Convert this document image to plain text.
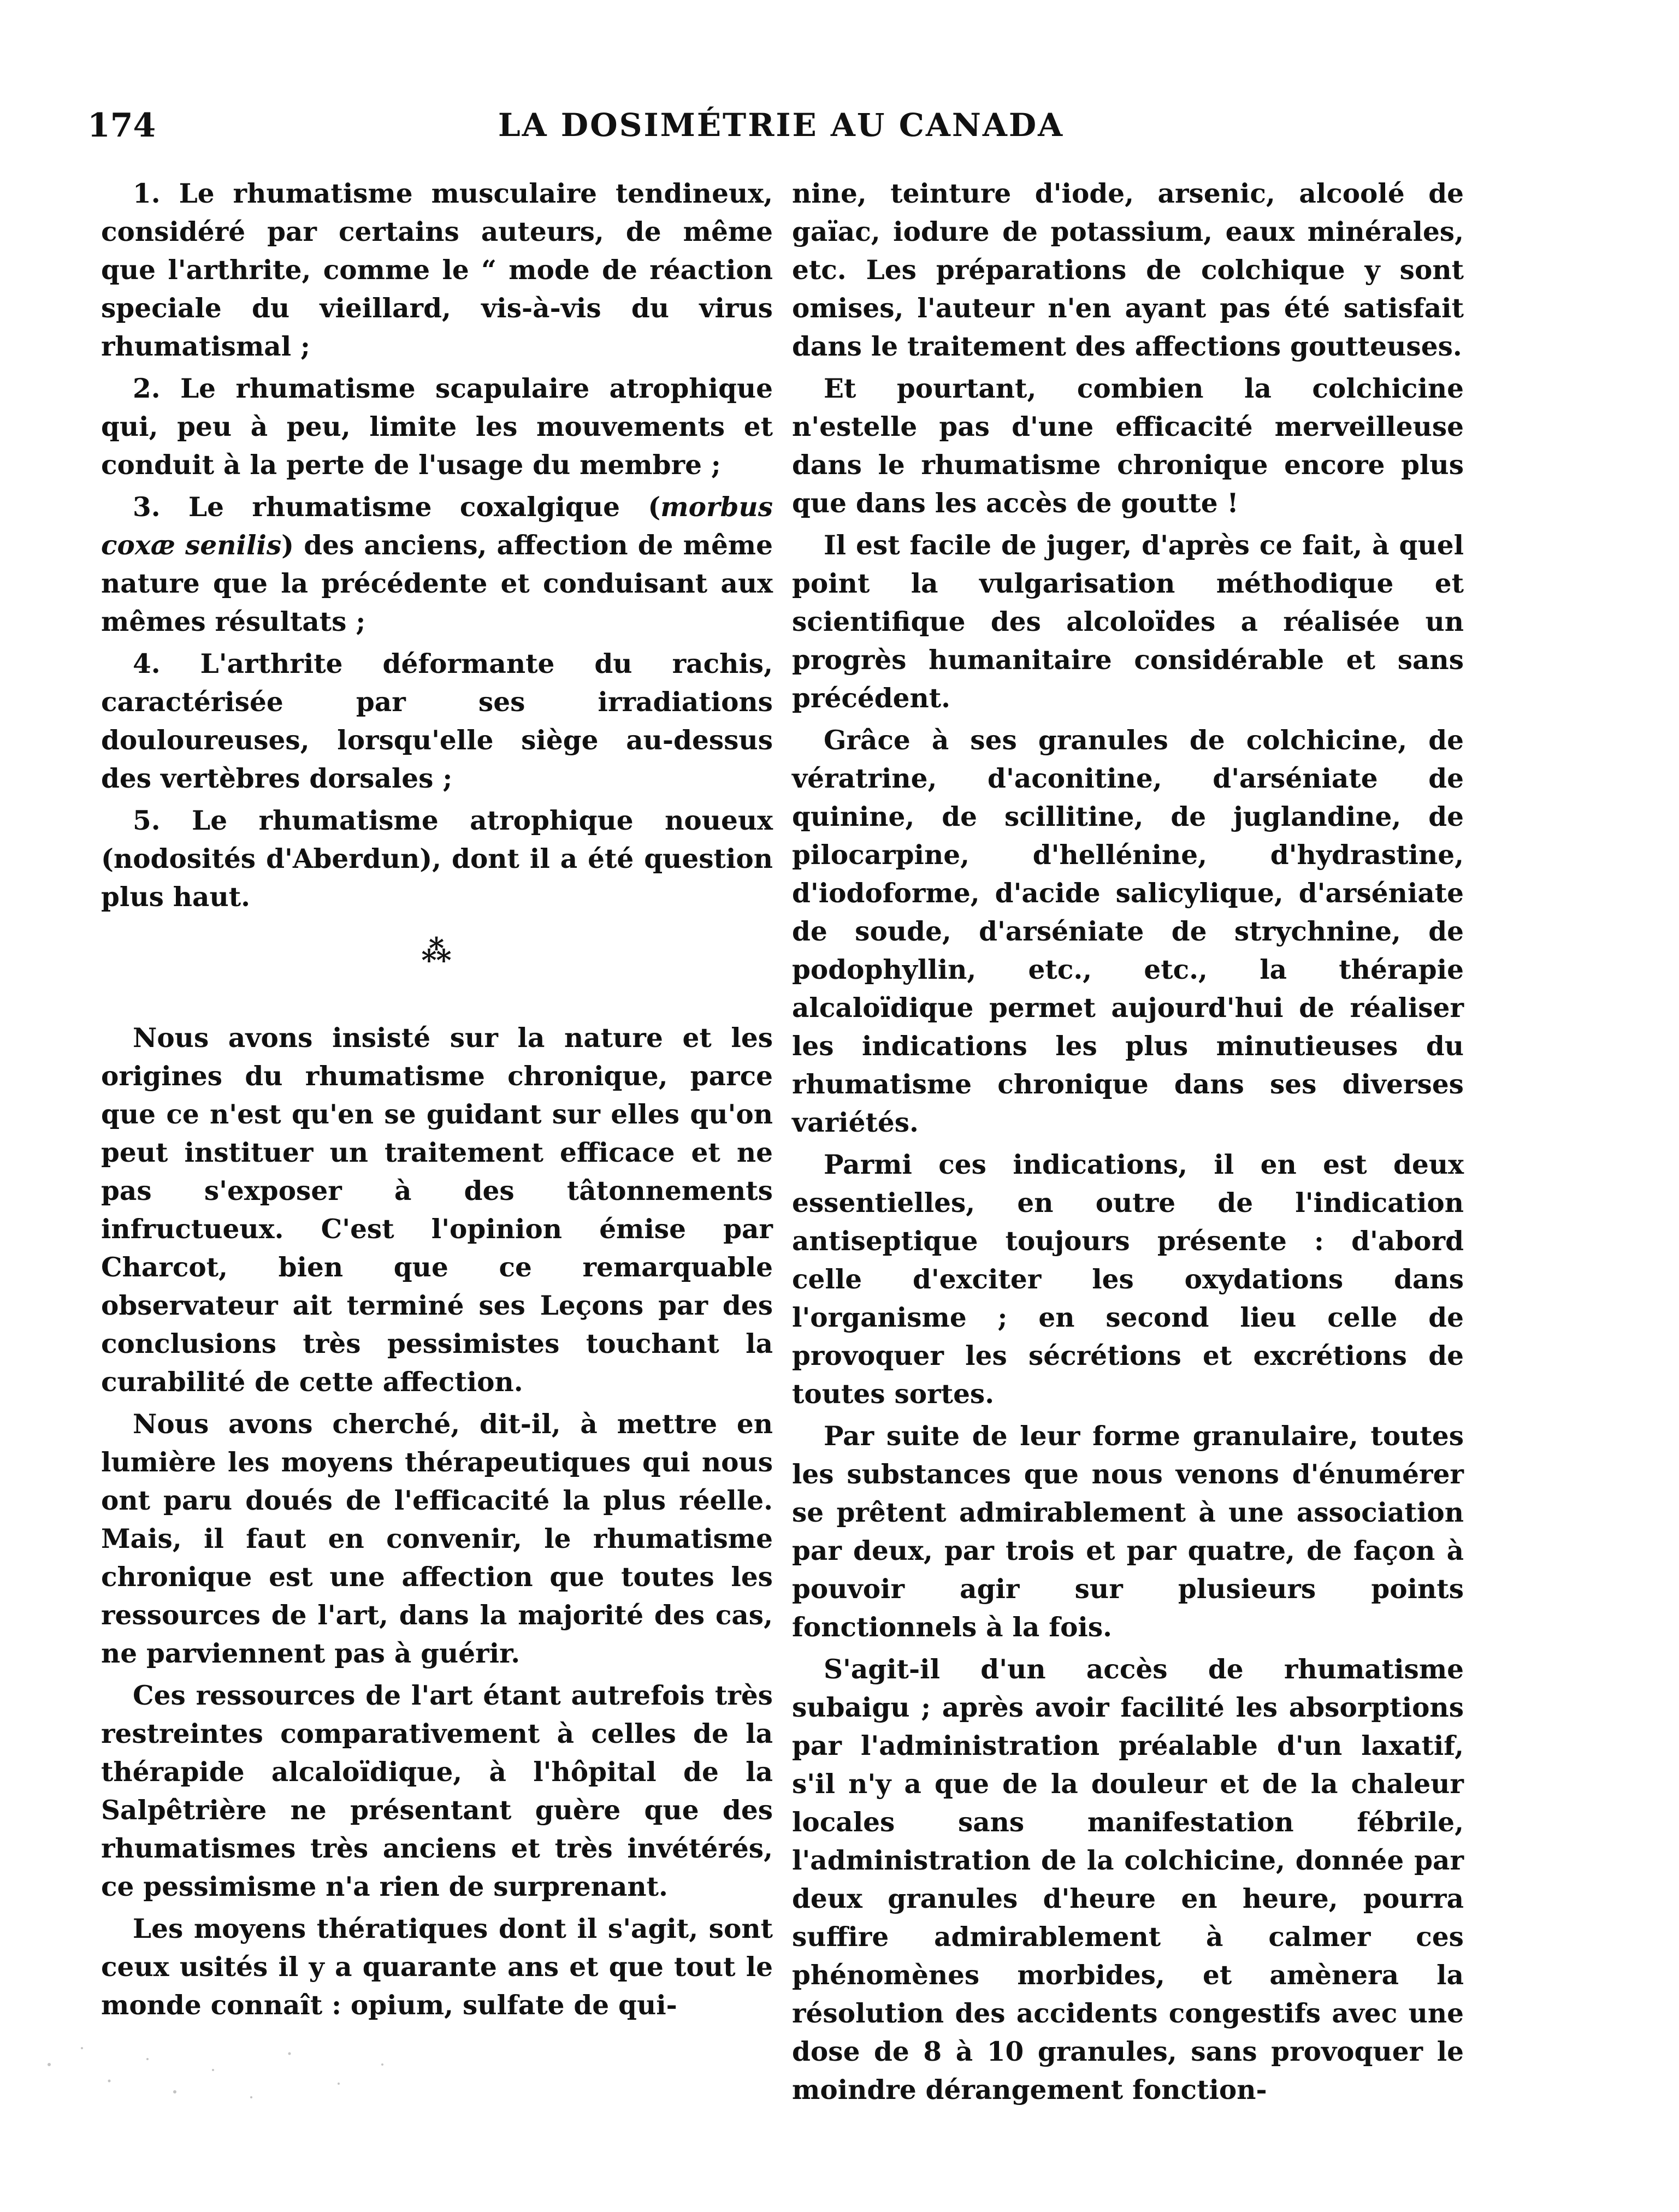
174	LA DOSIMÉTRIE AU CANADA

1. Le rhumatisme musculaire tendineux, considéré par certains auteurs, de même que l'arthrite, comme le “ mode de réaction speciale du vieillard, vis-à-vis du virus rhumatismal ;

2. Le rhumatisme scapulaire atrophique qui, peu à peu, limite les mouvements et conduit à la perte de l'usage du membre ;

3. Le rhumatisme coxalgique (morbus coxæ senilis) des anciens, affection de même nature que la précédente et conduisant aux mêmes résultats ;

4. L'arthrite déformante du rachis, caractérisée par ses irradiations douloureuses, lorsqu'elle siège au-dessus des vertèbres dorsales ;

5. Le rhumatisme atrophique noueux (nodosités d'Aberdun), dont il a été question plus haut.

⁂

Nous avons insisté sur la nature et les origines du rhumatisme chronique, parce que ce n'est qu'en se guidant sur elles qu'on peut instituer un traitement efficace et ne pas s'exposer à des tâtonnements infructueux. C'est l'opinion émise par Charcot, bien que ce remarquable observateur ait terminé ses Leçons par des conclusions très pessimistes touchant la curabilité de cette affection.

Nous avons cherché, dit-il, à mettre en lumière les moyens thérapeutiques qui nous ont paru doués de l'efficacité la plus réelle. Mais, il faut en convenir, le rhumatisme chronique est une affection que toutes les ressources de l'art, dans la majorité des cas, ne parviennent pas à guérir.

Ces ressources de l'art étant autrefois très restreintes comparativement à celles de la thérapide alcaloïdique, à l'hôpital de la Salpêtrière ne présentant guère que des rhumatismes très anciens et très invétérés, ce pessimisme n'a rien de surprenant.

Les moyens thératiques dont il s'agit, sont ceux usités il y a quarante ans et que tout le monde connaît : opium, sulfate de qui-

nine, teinture d'iode, arsenic, alcoolé de gaïac, iodure de potassium, eaux minérales, etc. Les préparations de colchique y sont omises, l'auteur n'en ayant pas été satisfait dans le traitement des affections goutteuses.

Et pourtant, combien la colchicine n'estelle pas d'une efficacité merveilleuse dans le rhumatisme chronique encore plus que dans les accès de goutte !

Il est facile de juger, d'après ce fait, à quel point la vulgarisation méthodique et scientifique des alcoloïdes a réalisée un progrès humanitaire considérable et sans précédent.

Grâce à ses granules de colchicine, de vératrine, d'aconitine, d'arséniate de quinine, de scillitine, de juglandine, de pilocarpine, d'hellénine, d'hydrastine, d'iodoforme, d'acide salicylique, d'arséniate de soude, d'arséniate de strychnine, de podophyllin, etc., etc., la thérapie alcaloïdique permet aujourd'hui de réaliser les indications les plus minutieuses du rhumatisme chronique dans ses diverses variétés.

Parmi ces indications, il en est deux essentielles, en outre de l'indication antiseptique toujours présente : d'abord celle d'exciter les oxydations dans l'organisme ; en second lieu celle de provoquer les sécrétions et excrétions de toutes sortes.

Par suite de leur forme granulaire, toutes les substances que nous venons d'énumérer se prêtent admirablement à une association par deux, par trois et par quatre, de façon à pouvoir agir sur plusieurs points fonctionnels à la fois.

S'agit-il d'un accès de rhumatisme subaigu ; après avoir facilité les absorptions par l'administration préalable d'un laxatif, s'il n'y a que de la douleur et de la chaleur locales sans manifestation fébrile, l'administration de la colchicine, donnée par deux granules d'heure en heure, pourra suffire admirablement à calmer ces phénomènes morbides, et amènera la résolution des accidents congestifs avec une dose de 8 à 10 granules, sans provoquer le moindre dérangement fonction-
